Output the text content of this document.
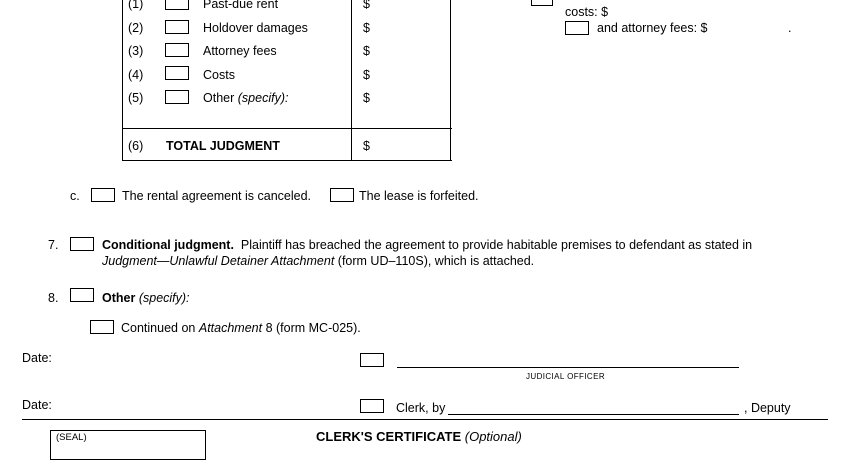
(1)	Past-due rent	$
(2)	Holdover damages	$
(3)	Attorney fees	$
(4)	Costs	$
(5)	Other (specify):	$
(6) TOTAL JUDGMENT	$
costs: $
and attorney fees: $	.
c.	The rental agreement is canceled.	The lease is forfeited.
7.	Conditional judgment. Plaintiff has breached the agreement to provide habitable premises to defendant as stated in
Judgment—Unlawful Detainer Attachment (form UD–110S), which is attached.
8.	Other (specify):
Continued on Attachment 8 (form MC-025).
Date:
JUDICIAL OFFICER
Date:	Clerk, by	, Deputy
(SEAL)	CLERK'S CERTIFICATE (Optional)
